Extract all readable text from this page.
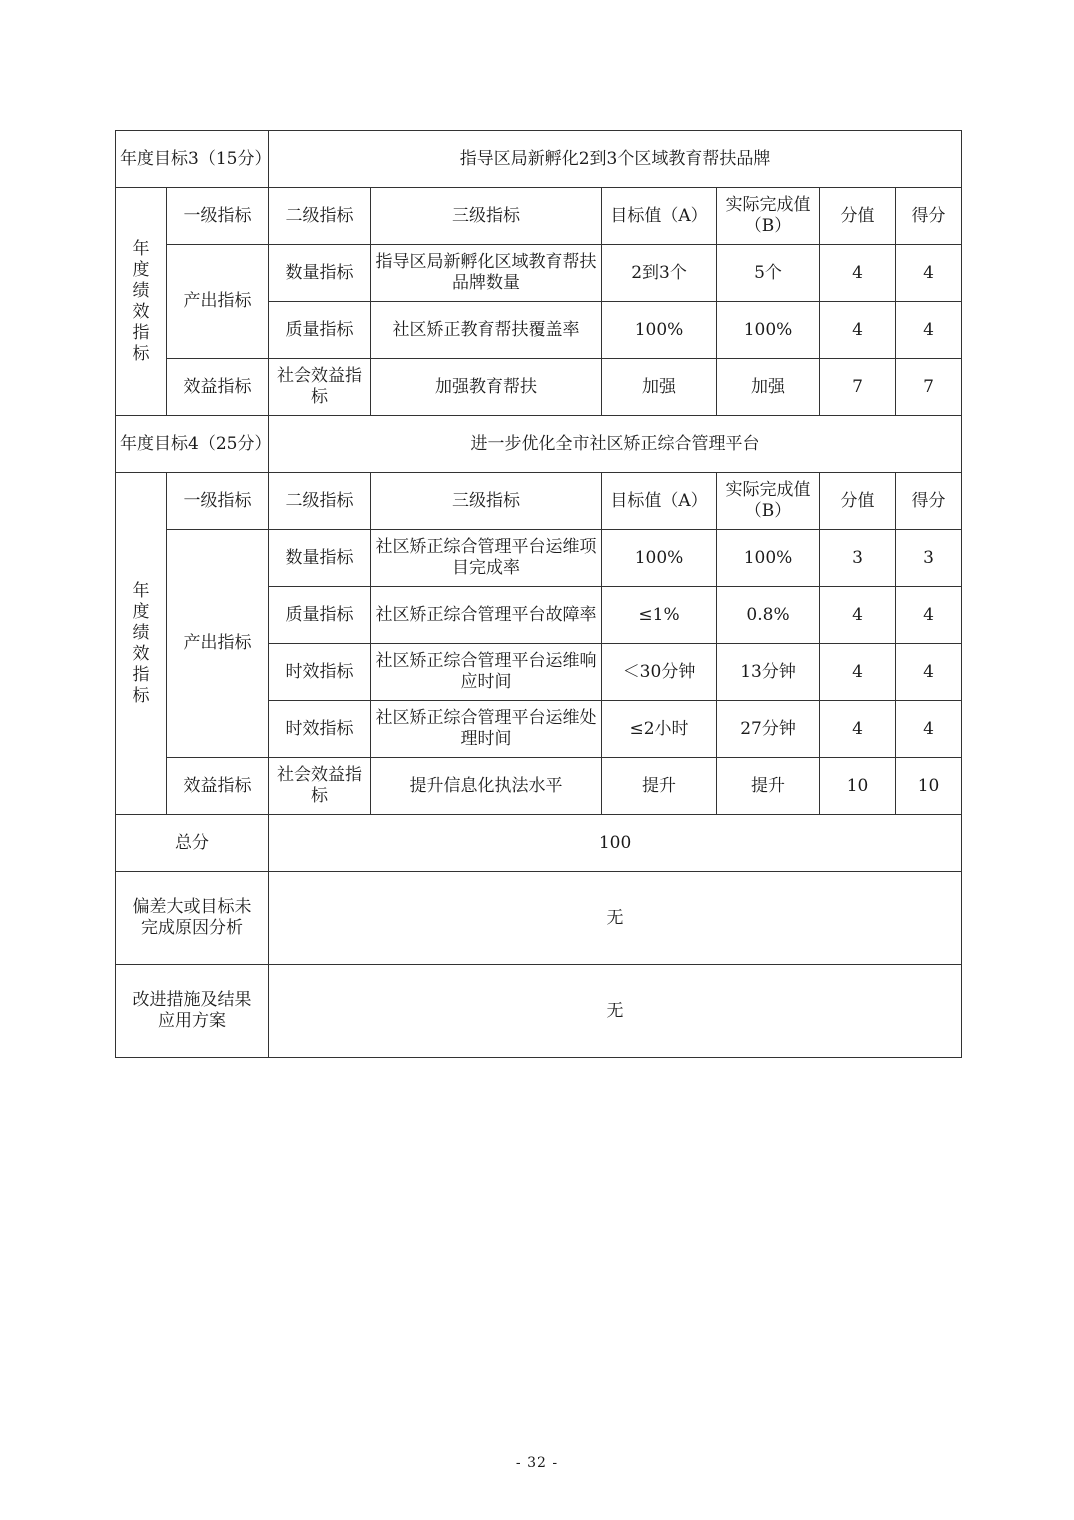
年度目标3（15分）		指导区局新孵化2到3个区域教育帮扶品牌					
年度绩效指标	一级指标	二级指标	三级指标	目标值（A）	实际完成值（B）	分值	得分
	产出指标	数量指标	指导区局新孵化区域教育帮扶品牌数量	2到3个	5个	4	4
		质量指标	社区矫正教育帮扶覆盖率	100%	100%	4	4
	效益指标	社会效益指标	加强教育帮扶	加强	加强	7	7
年度目标4（25分）		进一步优化全市社区矫正综合管理平台					
年度绩效指标	一级指标	二级指标	三级指标	目标值（A）	实际完成值（B）	分值	得分
	产出指标	数量指标	社区矫正综合管理平台运维项目完成率	100%	100%	3	3
		质量指标	社区矫正综合管理平台故障率	≤1%	0.8%	4	4
		时效指标	社区矫正综合管理平台运维响应时间	＜30分钟	13分钟	4	4
		时效指标	社区矫正综合管理平台运维处理时间	≤2小时	27分钟	4	4
	效益指标	社会效益指标	提升信息化执法水平	提升	提升	10	10
总分		100					
偏差大或目标未完成原因分析		无					
改进措施及结果应用方案		无					
- 32 -
